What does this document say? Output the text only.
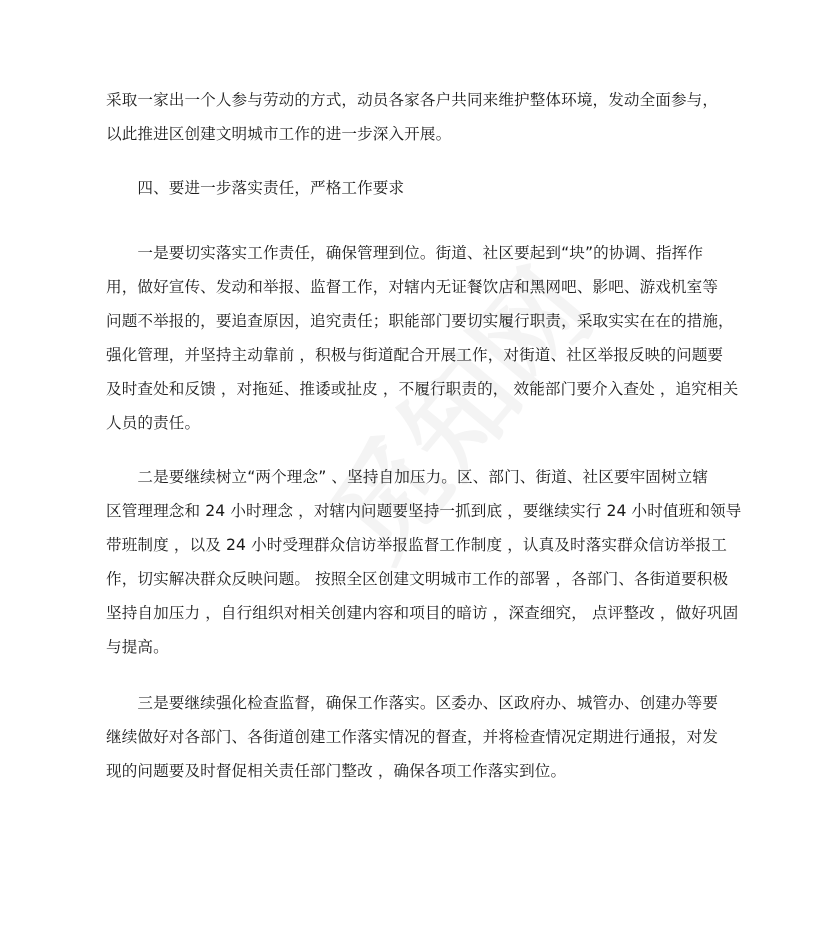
采取一家出一个人参与劳动的方式，动员各家各户共同来维护整体环境，发动全面参与，
以此推进区创建文明城市工作的进一步深入开展。
　　四、要进一步落实责任，严格工作要求
　　一是要切实落实工作责任，确保管理到位。街道、社区要起到“块”的协调、指挥作
用，做好宣传、发动和举报、监督工作，对辖内无证餐饮店和黑网吧、影吧、游戏机室等
问题不举报的，要追查原因，追究责任；职能部门要切实履行职责，采取实实在在的措施，
强化管理，并坚持主动靠前 ，积极与街道配合开展工作，对街道、社区举报反映的问题要
及时查处和反馈 ，对拖延、推诿或扯皮 ，不履行职责的， 效能部门要介入查处 ，追究相关
人员的责任。
　　二是要继续树立“两个理念” 、坚持自加压力。区、部门、街道、社区要牢固树立辖
区管理理念和 24 小时理念 ，对辖内问题要坚持一抓到底 ，要继续实行 24 小时值班和领导
带班制度 ，以及 24 小时受理群众信访举报监督工作制度 ，认真及时落实群众信访举报工
作，切实解决群众反映问题。 按照全区创建文明城市工作的部署 ，各部门、各街道要积极
坚持自加压力 ，自行组织对相关创建内容和项目的暗访 ，深查细究， 点评整改 ，做好巩固
与提高。
　　三是要继续强化检查监督，确保工作落实。区委办、区政府办、城管办、创建办等要
继续做好对各部门、各街道创建工作落实情况的督查，并将检查情况定期进行通报，对发
现的问题要及时督促相关责任部门整改 ，确保各项工作落实到位。
